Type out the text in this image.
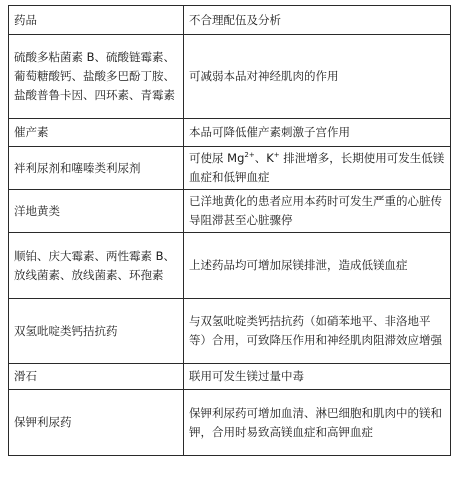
药品	不合理配伍及分析
硫酸多粘菌素 B、硫酸链霉素、葡萄糖酸钙、盐酸多巴酚丁胺、盐酸普鲁卡因、四环素、青霉素	可减弱本品对神经肌肉的作用
催产素	本品可降低催产素刺激子宫作用
袢利尿剂和噻嗪类利尿剂	可使尿 $Mg^{2+}$、K+ 排泄增多，长期使用可发生低镁血症和低钾血症
洋地黄类	已洋地黄化的患者应用本药时可发生严重的心脏传导阻滞甚至心脏骤停
顺铂、庆大霉素、两性霉素 B、放线菌素、放线菌素、环孢素	上述药品均可增加尿镁排泄，造成低镁血症
双氢吡啶类钙拮抗药	与双氢吡啶类钙拮抗药（如硝苯地平、非洛地平等）合用，可致降压作用和神经肌肉阻滞效应增强
滑石	联用可发生镁过量中毒
保钾利尿药	保钾利尿药可增加血清、淋巴细胞和肌肉中的镁和钾，合用时易致高镁血症和高钾血症
